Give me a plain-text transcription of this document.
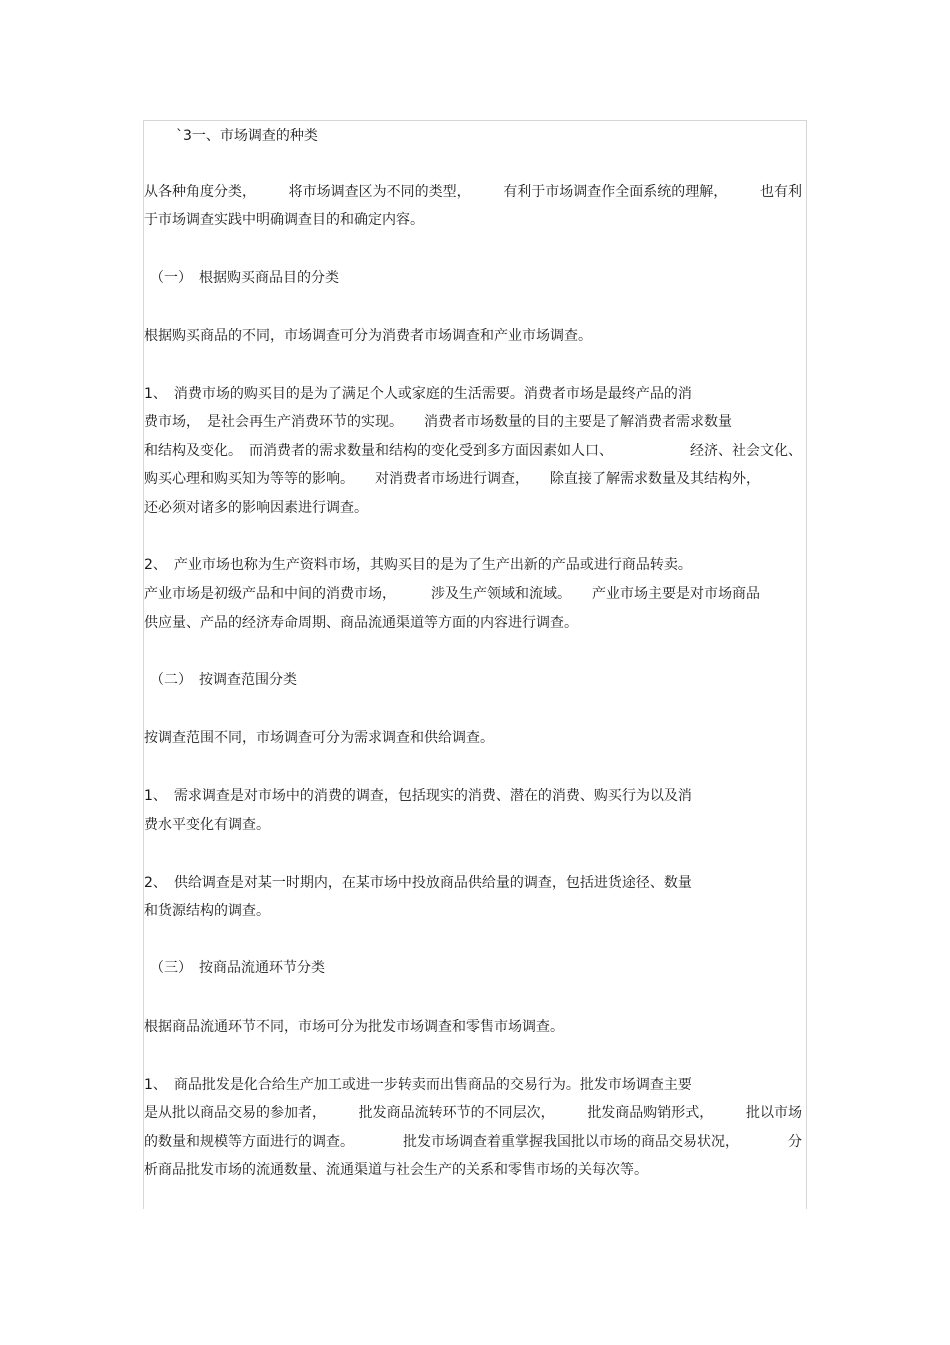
`3一、市场调查的种类
从各种角度分类， 将市场调查区为不同的类型， 有利于市场调查作全面系统的理解， 也有利
于市场调查实践中明确调查目的和确定内容。
（一）　根据购买商品目的分类
根据购买商品的不同，市场调查可分为消费者市场调查和产业市场调查。
1、　消费市场的购买目的是为了满足个人或家庭的生活需要。消费者市场是最终产品的消
费市场，　是社会再生产消费环节的实现。　　消费者市场数量的目的主要是了解消费者需求数量
和结构及变化。　而消费者的需求数量和结构的变化受到多方面因素如人口、	经济、社会文化、
购买心理和购买知为等等的影响。　　对消费者市场进行调查，　　除直接了解需求数量及其结构外，
还必须对诸多的影响因素进行调查。
2、　产业市场也称为生产资料市场，其购买目的是为了生产出新的产品或进行商品转卖。
产业市场是初级产品和中间的消费市场，　　　涉及生产领域和流域。　　产业市场主要是对市场商品
供应量、产品的经济寿命周期、商品流通渠道等方面的内容进行调查。
（二）　按调查范围分类
按调查范围不同，市场调查可分为需求调查和供给调查。
1、　需求调查是对市场中的消费的调查，包括现实的消费、潜在的消费、购买行为以及消
费水平变化有调查。
2、　供给调查是对某一时期内，在某市场中投放商品供给量的调查，包括进货途径、数量
和货源结构的调查。
（三）　按商品流通环节分类
根据商品流通环节不同，市场可分为批发市场调查和零售市场调查。
1、　商品批发是化合给生产加工或进一步转卖而出售商品的交易行为。批发市场调查主要
是从批以商品交易的参加者， 批发商品流转环节的不同层次， 批发商品购销形式， 批以市场
的数量和规模等方面进行的调查。	批发市场调查着重掌握我国批以市场的商品交易状况，	分
析商品批发市场的流通数量、流通渠道与社会生产的关系和零售市场的关每次等。
